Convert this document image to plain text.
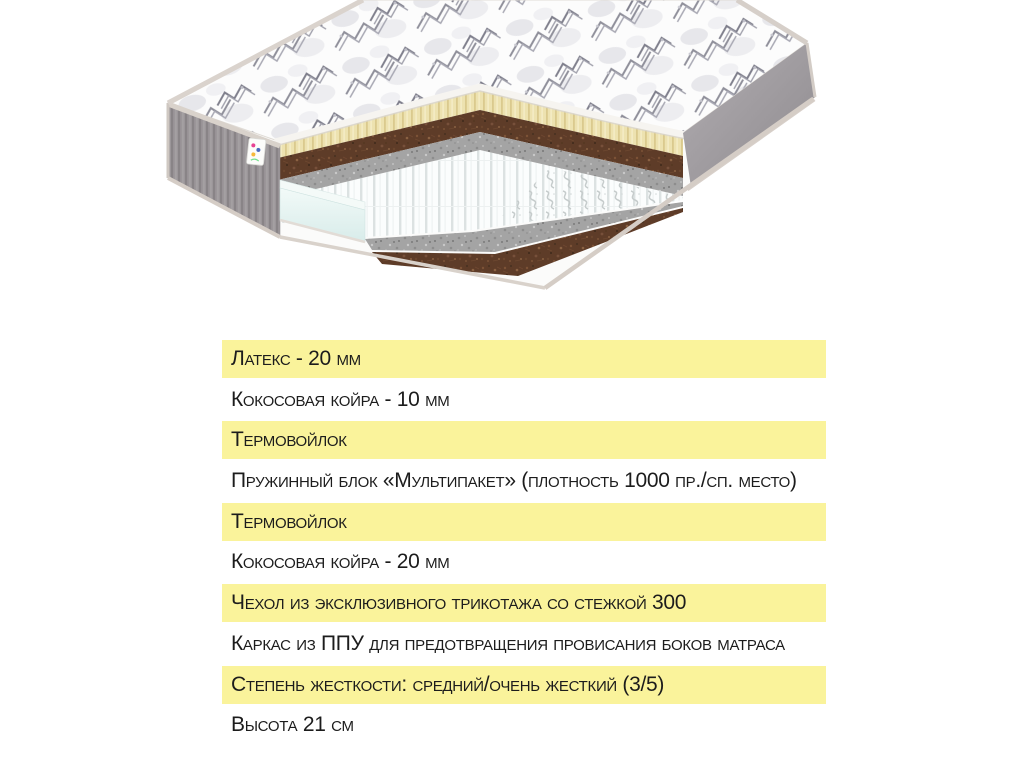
Латекс - 20 мм
Кокосовая койра - 10 мм
Термовойлок
Пружинный блок «Мультипакет» (плотность 1000 пр./сп. место)
Термовойлок
Кокосовая койра - 20 мм
Чехол из эксклюзивного трикотажа со стежкой 300
Каркас из ППУ для предотвращения провисания боков матраса
Степень жесткости: средний/очень жесткий (3/5)
Высота 21 см
